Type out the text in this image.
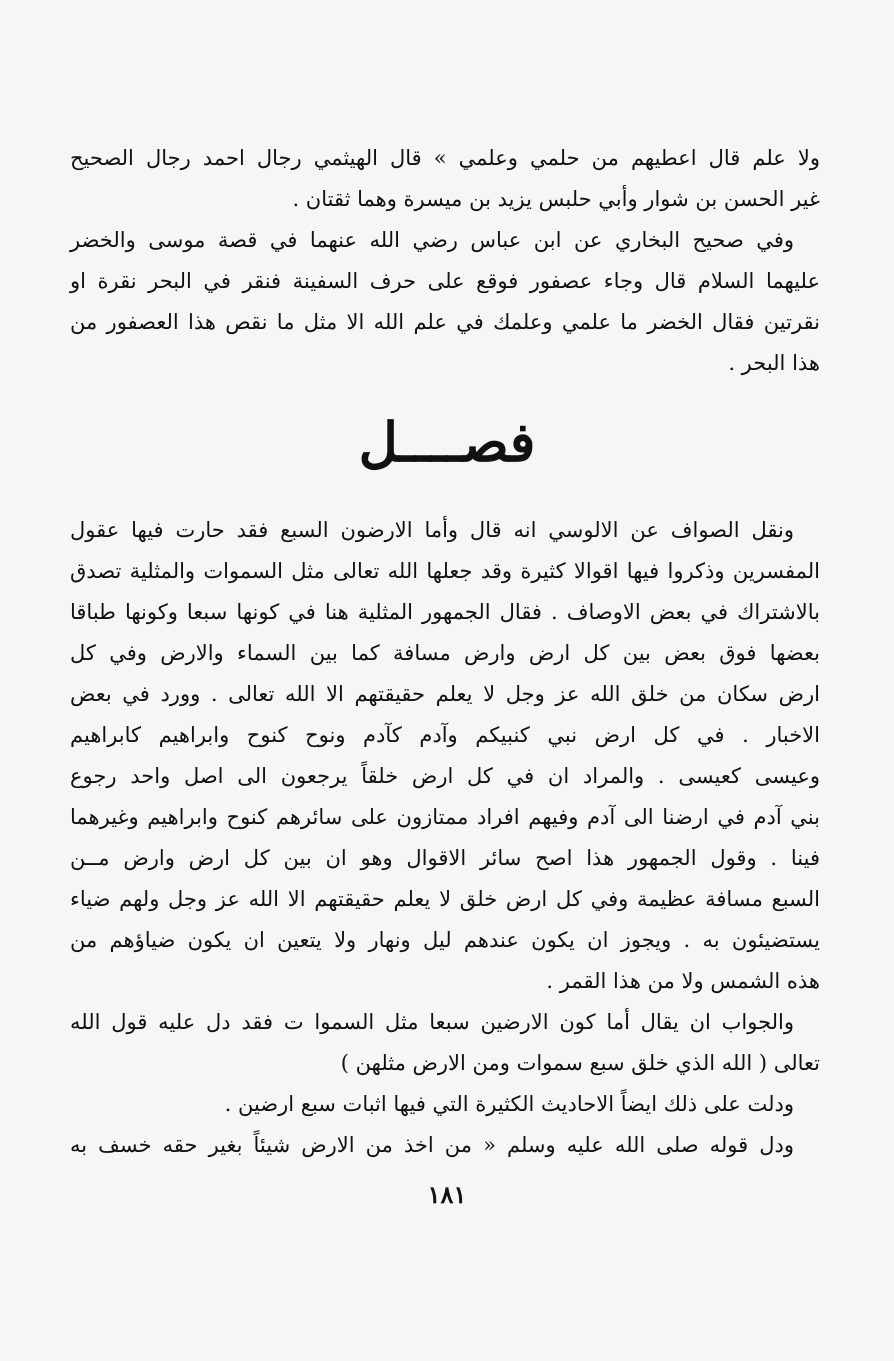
ولا علم قال اعطيهم من حلمي وعلمي » قال الهيثمي رجال احمد رجال الصحيح
غير الحسن بن شوار وأبي حلبس يزيد بن ميسرة وهما ثقتان .
وفي صحيح البخاري عن ابن عباس رضي الله عنهما في قصة موسى والخضر
عليهما السلام قال وجاء عصفور فوقع على حرف السفينة فنقر في البحر نقرة او
نقرتين فقال الخضر ما علمي وعلمك في علم الله الا مثل ما نقص هذا العصفور من
هذا البحر .
فصــــل
ونقل الصواف عن الالوسي انه قال وأما الارضون السبع فقد حارت فيها عقول
المفسرين وذكروا فيها اقوالا كثيرة وقد جعلها الله تعالى مثل السموات والمثلية تصدق
بالاشتراك في بعض الاوصاف . فقال الجمهور المثلية هنا في كونها سبعا وكونها طباقا
بعضها فوق بعض بين كل ارض وارض مسافة كما بين السماء والارض وفي كل
ارض سكان من خلق الله عز وجل لا يعلم حقيقتهم الا الله تعالى . وورد في بعض
الاخبار . في كل ارض نبي كنبيكم وآدم كآدم ونوح كنوح وابراهيم كابراهيم
وعيسى كعيسى . والمراد ان في كل ارض خلقاً يرجعون الى اصل واحد رجوع
بني آدم في ارضنا الى آدم وفيهم افراد ممتازون على سائرهم كنوح وابراهيم وغيرهما
فينا . وقول الجمهور هذا اصح سائر الاقوال وهو ان بين كل ارض وارض مــن
السبع مسافة عظيمة وفي كل ارض خلق لا يعلم حقيقتهم الا الله عز وجل ولهم ضياء
يستضيئون به . ويجوز ان يكون عندهم ليل ونهار ولا يتعين ان يكون ضياؤهم من
هذه الشمس ولا من هذا القمر .
والجواب ان يقال أما كون الارضين سبعا مثل السموا ت فقد دل عليه قول الله
تعالى ( الله الذي خلق سبع سموات ومن الارض مثلهن )
ودلت على ذلك ايضاً الاحاديث الكثيرة التي فيها اثبات سبع ارضين .
ودل قوله صلى الله عليه وسلم « من اخذ من الارض شيئاً بغير حقه خسف به
١٨١
